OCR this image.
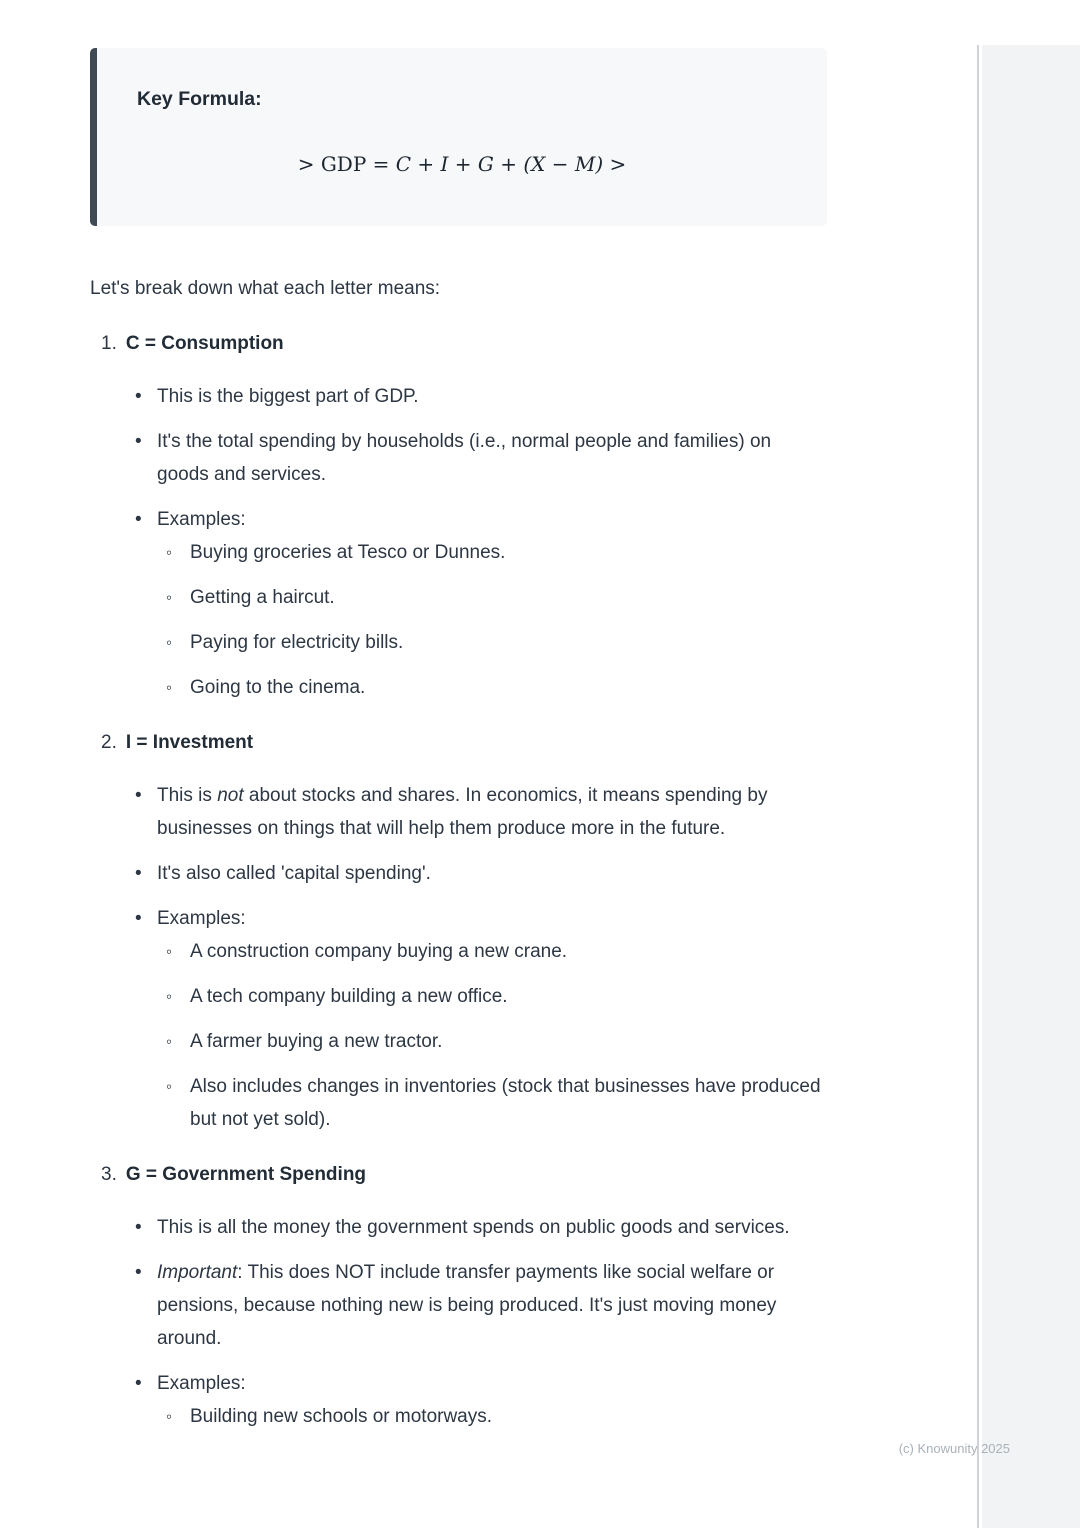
Key Formula:
> GDP = C + I + G + (X − M) >
Let's break down what each letter means:
1. C = Consumption
•
This is the biggest part of GDP.
•
It's the total spending by households (i.e., normal people and families) on goods and services.
•
Examples:
◦
Buying groceries at Tesco or Dunnes.
◦
Getting a haircut.
◦
Paying for electricity bills.
◦
Going to the cinema.
2. I = Investment
•
This is not about stocks and shares. In economics, it means spending by businesses on things that will help them produce more in the future.
•
It's also called 'capital spending'.
•
Examples:
◦
A construction company buying a new crane.
◦
A tech company building a new office.
◦
A farmer buying a new tractor.
◦
Also includes changes in inventories (stock that businesses have produced but not yet sold).
3. G = Government Spending
•
This is all the money the government spends on public goods and services.
•
Important: This does NOT include transfer payments like social welfare or pensions, because nothing new is being produced. It's just moving money around.
•
Examples:
◦
Building new schools or motorways.
(c) Knowunity 2025
